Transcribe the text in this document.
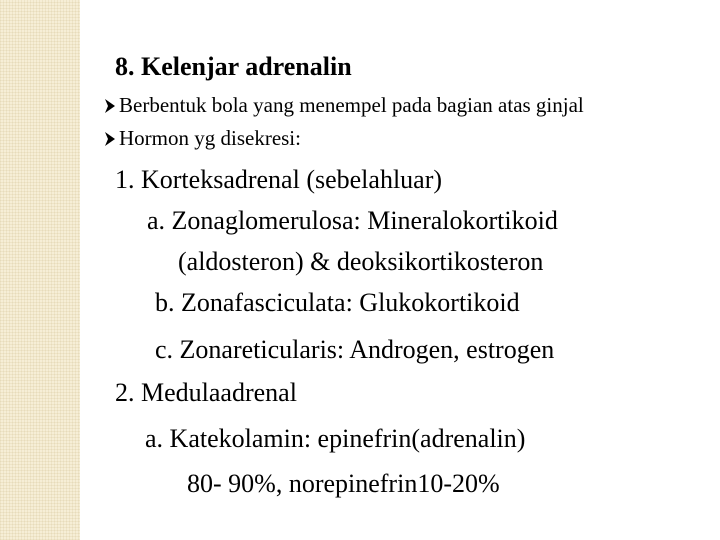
8. Kelenjar adrenalin
Berbentuk bola yang menempel pada bagian atas ginjal
Hormon yg disekresi:
1. Korteksadrenal (sebelahluar)
a. Zonaglomerulosa: Mineralokortikoid
(aldosteron) & deoksikortikosteron
b. Zonafasciculata: Glukokortikoid
c. Zonareticularis: Androgen, estrogen
2. Medulaadrenal
a. Katekolamin: epinefrin(adrenalin)
80- 90%, norepinefrin10-20%
